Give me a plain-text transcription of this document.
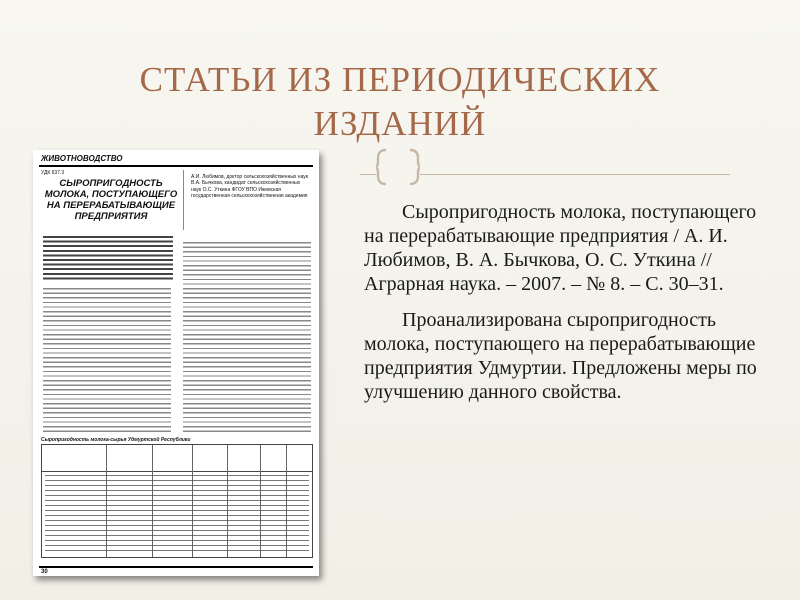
СТАТЬИ ИЗ ПЕРИОДИЧЕСКИХ ИЗДАНИЙ
ЖИВОТНОВОДСТВО
УДК 637.3
СЫРОПРИГОДНОСТЬ МОЛОКА, ПОСТУПАЮЩЕГО НА ПЕРЕРАБАТЫВАЮЩИЕ ПРЕДПРИЯТИЯ
А.И. Любимов, доктор сельскохозяйственных наук В.А. Бычкова, кандидат сельскохозяйственных наук О.С. Уткина ФГОУ ВПО Ижевская государственная сельскохозяйственная академия
Сыропригодность молока-сырья Удмуртской Республики
30

Сыропригодность молока, поступающего на перерабатывающие предприятия / А. И. Любимов, В. А. Бычкова, О. С. Уткина // Аграрная наука. – 2007. – № 8. – С. 30–31.

Проанализирована сыропригодность молока, поступающего на перерабатывающие предприятия Удмуртии. Предложены меры по улучшению данного свойства.
